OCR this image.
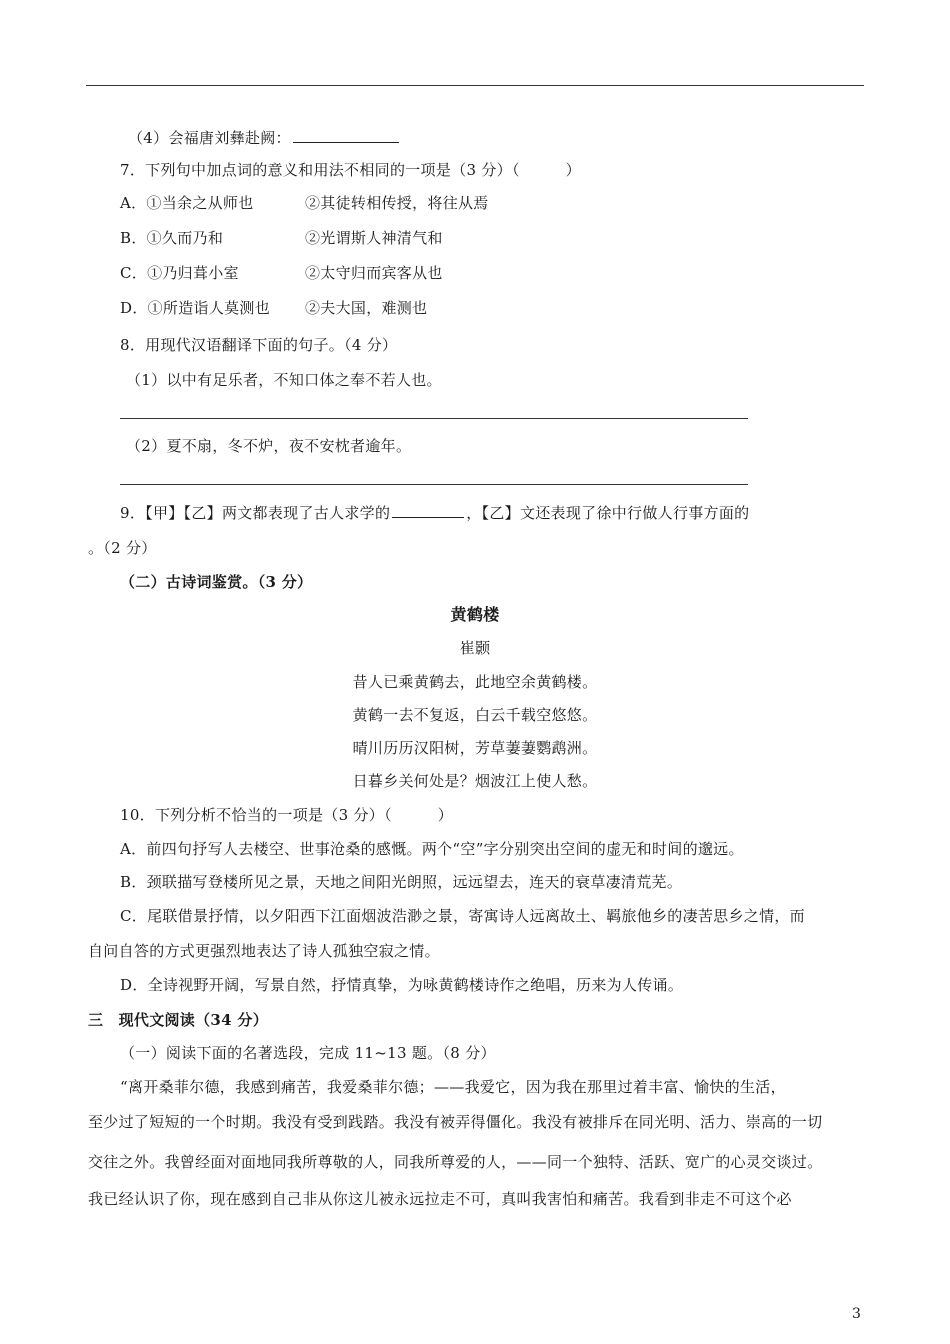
（4）会福唐刘彝赴阙：
7．下列句中加点词的意义和用法不相同的一项是（3 分）（　　　）
A．①当余之从师也	②其徒转相传授，将往从焉
B．①久而乃和	②光谓斯人神清气和
C．①乃归葺小室	②太守归而宾客从也
D．①所造诣人莫测也 ②夫大国，难测也
8．用现代汉语翻译下面的句子。（4 分）
（1）以中有足乐者，不知口体之奉不若人也。
（2）夏不扇，冬不炉，夜不安枕者逾年。
9．【甲】【乙】两文都表现了古人求学的	，【乙】文还表现了徐中行做人行事方面的
。（2 分）
（二）古诗词鉴赏。（3 分）
黄鹤楼
崔颢
昔人已乘黄鹤去，此地空余黄鹤楼。
黄鹤一去不复返，白云千载空悠悠。
晴川历历汉阳树，芳草萋萋鹦鹉洲。
日暮乡关何处是？烟波江上使人愁。
10．下列分析不恰当的一项是（3 分）（　　　）
A．前四句抒写人去楼空、世事沧桑的感慨。两个“空”字分别突出空间的虚无和时间的邈远。
B．颈联描写登楼所见之景，天地之间阳光朗照，远远望去，连天的衰草凄清荒芜。
C．尾联借景抒情，以夕阳西下江面烟波浩渺之景，寄寓诗人远离故土、羁旅他乡的凄苦思乡之情，而
自问自答的方式更强烈地表达了诗人孤独空寂之情。
D．全诗视野开阔，写景自然，抒情真挚，为咏黄鹤楼诗作之绝唱，历来为人传诵。
三　现代文阅读（34 分）
（一）阅读下面的名著选段，完成 11~13 题。（8 分）
“离开桑菲尔德，我感到痛苦，我爱桑菲尔德；——我爱它，因为我在那里过着丰富、愉快的生活，
至少过了短短的一个时期。我没有受到践踏。我没有被弄得僵化。我没有被排斥在同光明、活力、崇高的一切
交往之外。我曾经面对面地同我所尊敬的人，同我所尊爱的人，——同一个独特、活跃、宽广的心灵交谈过。
我已经认识了你，现在感到自己非从你这儿被永远拉走不可，真叫我害怕和痛苦。我看到非走不可这个必
3
